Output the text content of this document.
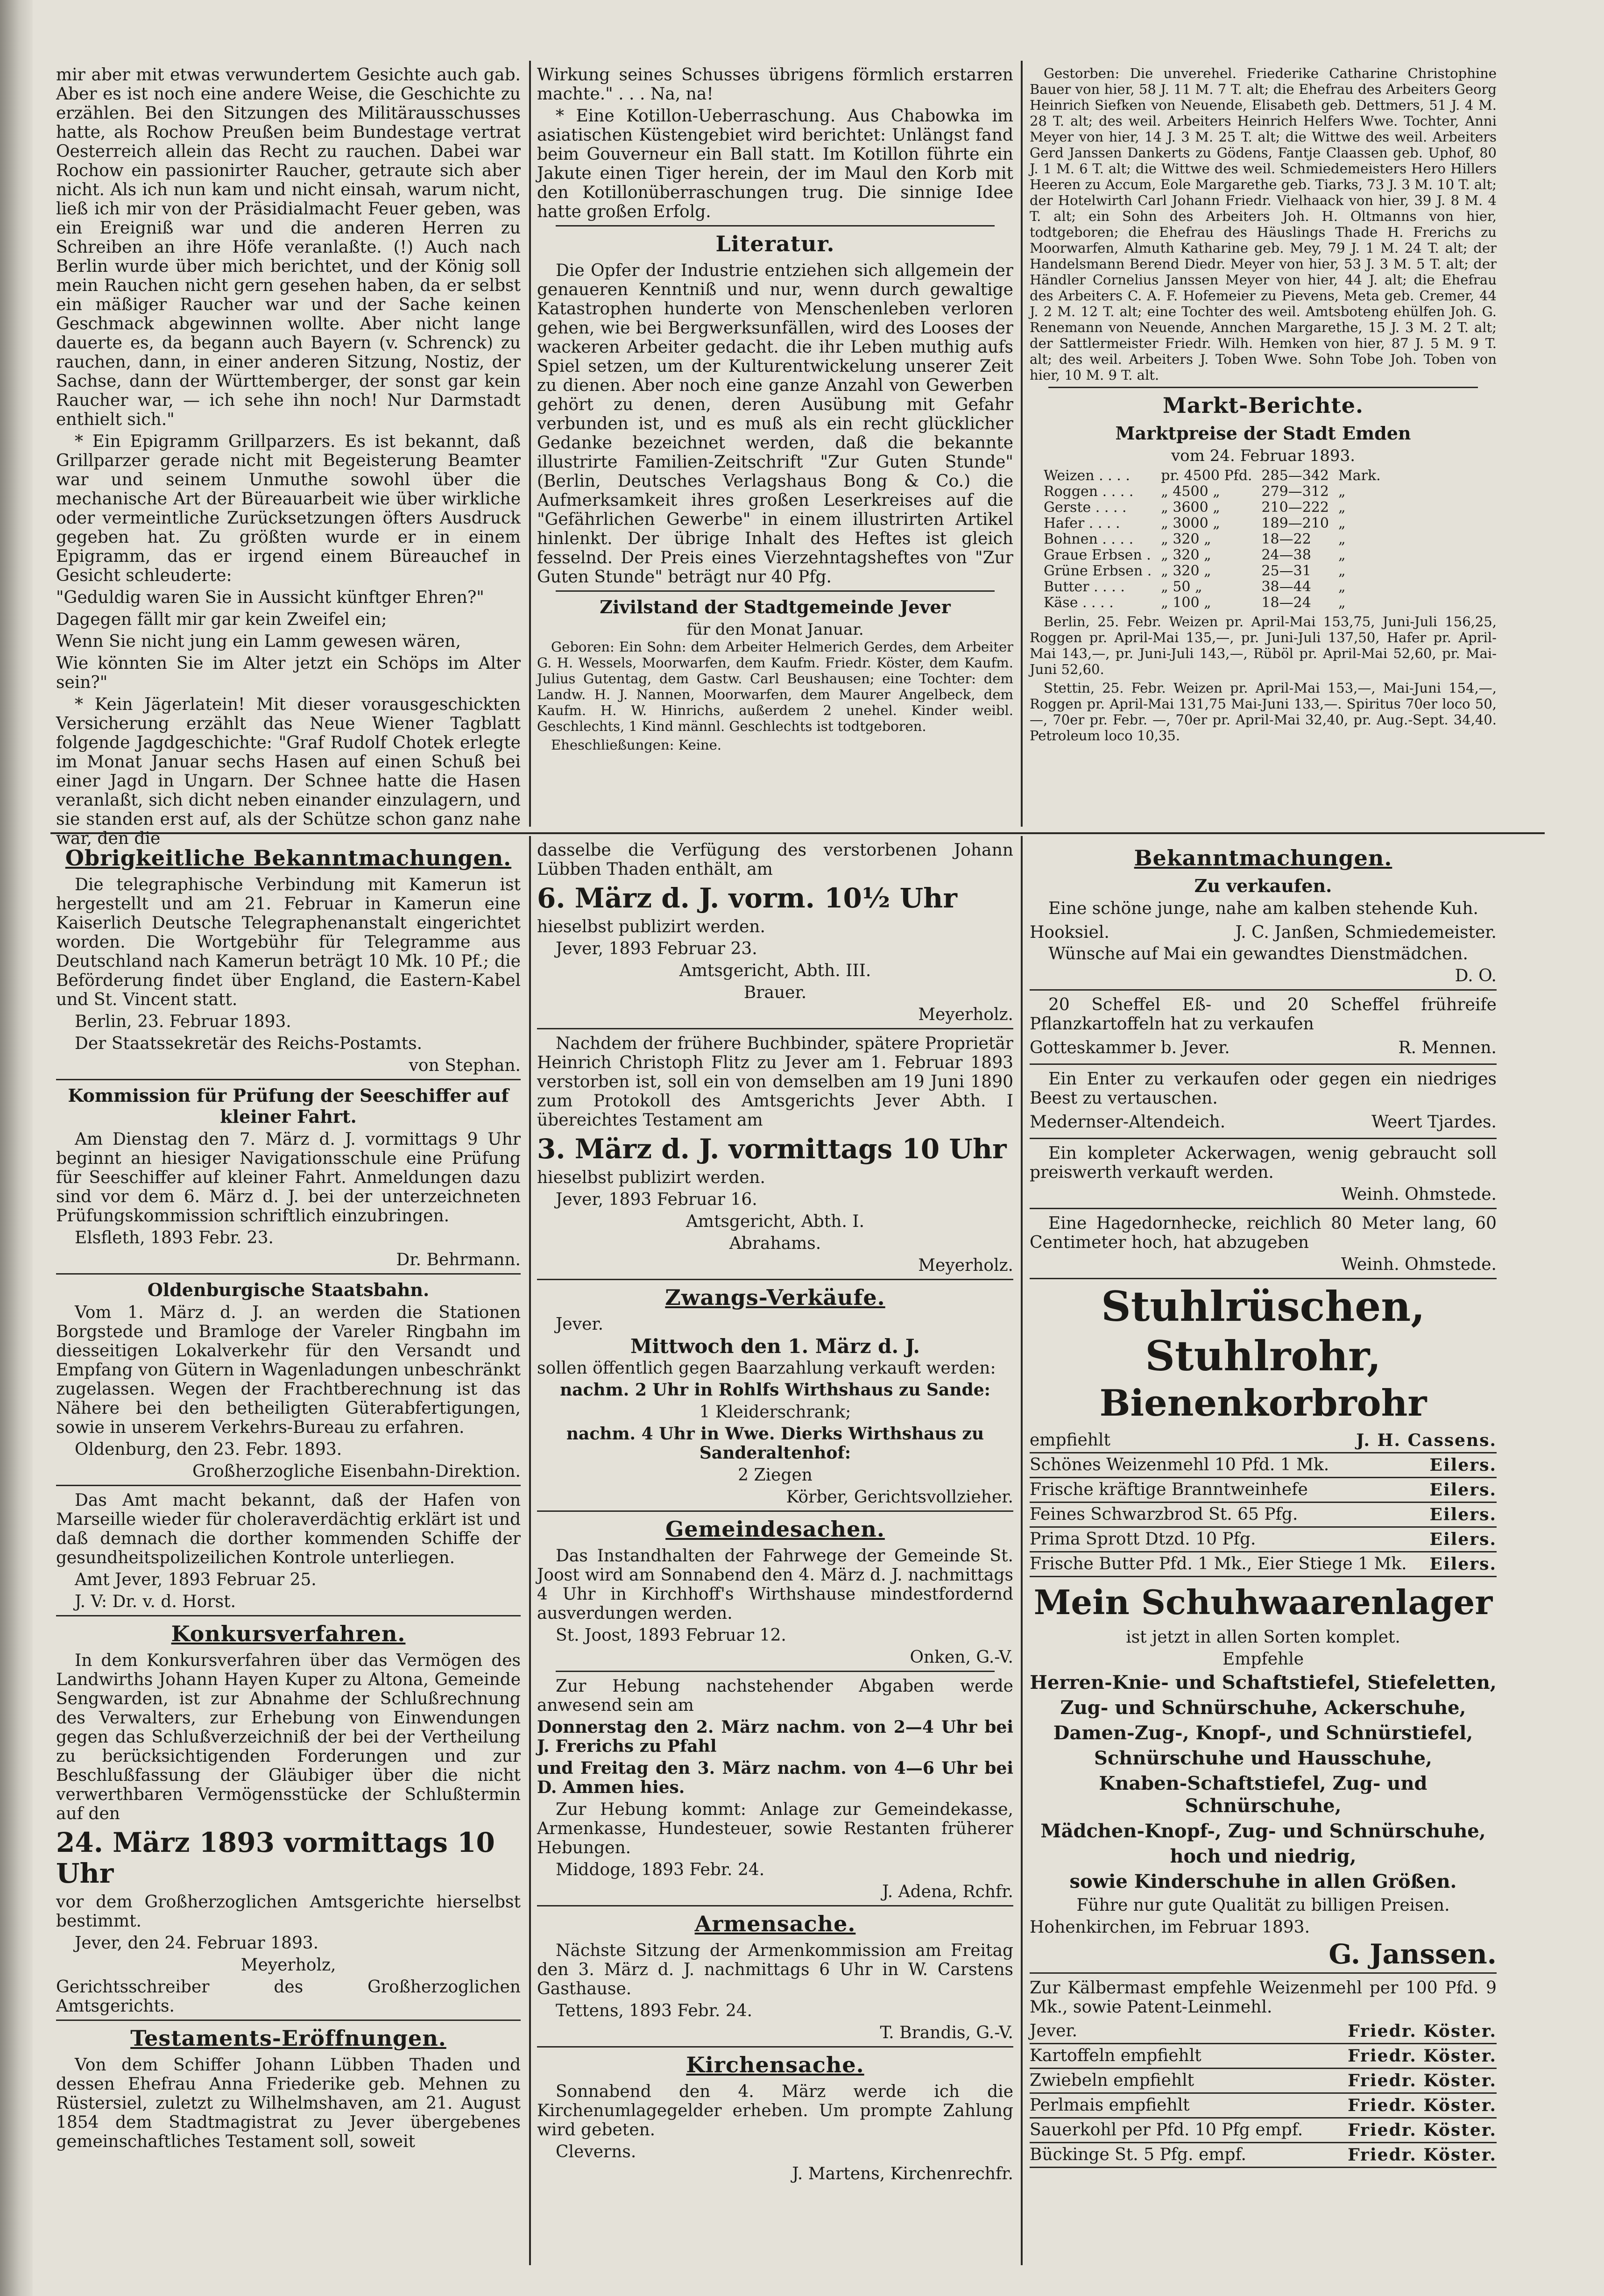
mir aber mit etwas verwundertem Gesichte auch gab. Aber es ist noch eine andere Weise, die Geschichte zu erzählen. Bei den Sitzungen des Militärausschusses hatte, als Rochow Preußen beim Bundestage vertrat Oesterreich allein das Recht zu rauchen. Dabei war Rochow ein passionirter Raucher, getraute sich aber nicht. Als ich nun kam und nicht einsah, warum nicht, ließ ich mir von der Präsidialmacht Feuer geben, was ein Ereigniß war und die anderen Herren zu Schreiben an ihre Höfe veranlaßte. (!) Auch nach Berlin wurde über mich berichtet, und der König soll mein Rauchen nicht gern gesehen haben, da er selbst ein mäßiger Raucher war und der Sache keinen Geschmack abgewinnen wollte. Aber nicht lange dauerte es, da begann auch Bayern (v. Schrenck) zu rauchen, dann, in einer anderen Sitzung, Nostiz, der Sachse, dann der Württemberger, der sonst gar kein Raucher war, — ich sehe ihn noch! Nur Darmstadt enthielt sich."

* Ein Epigramm Grillparzers. Es ist bekannt, daß Grillparzer gerade nicht mit Begeisterung Beamter war und seinem Unmuthe sowohl über die mechanische Art der Büreauarbeit wie über wirkliche oder vermeintliche Zurücksetzungen öfters Ausdruck gegeben hat. Zu größten wurde er in einem Epigramm, das er irgend einem Büreauchef in Gesicht schleuderte:

"Geduldig waren Sie in Aussicht künftger Ehren?"

Dagegen fällt mir gar kein Zweifel ein;

Wenn Sie nicht jung ein Lamm gewesen wären,

Wie könnten Sie im Alter jetzt ein Schöps im Alter sein?"

* Kein Jägerlatein! Mit dieser vorausgeschickten Versicherung erzählt das Neue Wiener Tagblatt folgende Jagdgeschichte: "Graf Rudolf Chotek erlegte im Monat Januar sechs Hasen auf einen Schuß bei einer Jagd in Ungarn. Der Schnee hatte die Hasen veranlaßt, sich dicht neben einander einzulagern, und sie standen erst auf, als der Schütze schon ganz nahe war, den die

Wirkung seines Schusses übrigens förmlich erstarren machte." . . . Na, na!

* Eine Kotillon-Ueberraschung. Aus Chabowka im asiatischen Küstengebiet wird berichtet: Unlängst fand beim Gouverneur ein Ball statt. Im Kotillon führte ein Jakute einen Tiger herein, der im Maul den Korb mit den Kotillonüberraschungen trug. Die sinnige Idee hatte großen Erfolg.

Literatur.

Die Opfer der Industrie entziehen sich allgemein der genaueren Kenntniß und nur, wenn durch gewaltige Katastrophen hunderte von Menschenleben verloren gehen, wie bei Bergwerksunfällen, wird des Looses der wackeren Arbeiter gedacht. die ihr Leben muthig aufs Spiel setzen, um der Kulturentwickelung unserer Zeit zu dienen. Aber noch eine ganze Anzahl von Gewerben gehört zu denen, deren Ausübung mit Gefahr verbunden ist, und es muß als ein recht glücklicher Gedanke bezeichnet werden, daß die bekannte illustrirte Familien-Zeitschrift "Zur Guten Stunde" (Berlin, Deutsches Verlagshaus Bong & Co.) die Aufmerksamkeit ihres großen Leserkreises auf die "Gefährlichen Gewerbe" in einem illustrirten Artikel hinlenkt. Der übrige Inhalt des Heftes ist gleich fesselnd. Der Preis eines Vierzehntagsheftes von "Zur Guten Stunde" beträgt nur 40 Pfg.

Zivilstand der Stadtgemeinde Jever
für den Monat Januar.

Geboren: Ein Sohn: dem Arbeiter Helmerich Gerdes, dem Arbeiter G. H. Wessels, Moorwarfen, dem Kaufm. Friedr. Köster, dem Kaufm. Julius Gutentag, dem Gastw. Carl Beushausen; eine Tochter: dem Landw. H. J. Nannen, Moorwarfen, dem Maurer Angelbeck, dem Kaufm. H. W. Hinrichs, außerdem 2 unehel. Kinder weibl. Geschlechts, 1 Kind männl. Geschlechts ist todtgeboren.

Eheschließungen: Keine.

Gestorben: Die unverehel. Friederike Catharine Christophine Bauer von hier, 58 J. 11 M. 7 T. alt; die Ehefrau des Arbeiters Georg Heinrich Siefken von Neuende, Elisabeth geb. Dettmers, 51 J. 4 M. 28 T. alt; des weil. Arbeiters Heinrich Helfers Wwe. Tochter, Anni Meyer von hier, 14 J. 3 M. 25 T. alt; die Wittwe des weil. Arbeiters Gerd Janssen Dankerts zu Gödens, Fantje Claassen geb. Uphof, 80 J. 1 M. 6 T. alt; die Wittwe des weil. Schmiedemeisters Hero Hillers Heeren zu Accum, Eole Margarethe geb. Tiarks, 73 J. 3 M. 10 T. alt; der Hotelwirth Carl Johann Friedr. Vielhaack von hier, 39 J. 8 M. 4 T. alt; ein Sohn des Arbeiters Joh. H. Oltmanns von hier, todtgeboren; die Ehefrau des Häuslings Thade H. Frerichs zu Moorwarfen, Almuth Katharine geb. Mey, 79 J. 1 M. 24 T. alt; der Handelsmann Berend Diedr. Meyer von hier, 53 J. 3 M. 5 T. alt; der Händler Cornelius Janssen Meyer von hier, 44 J. alt; die Ehefrau des Arbeiters C. A. F. Hofemeier zu Pievens, Meta geb. Cremer, 44 J. 2 M. 12 T. alt; eine Tochter des weil. Amtsboteng ehülfen Joh. G. Renemann von Neuende, Annchen Margarethe, 15 J. 3 M. 2 T. alt; der Sattlermeister Friedr. Wilh. Hemken von hier, 87 J. 5 M. 9 T. alt; des weil. Arbeiters J. Toben Wwe. Sohn Tobe Joh. Toben von hier, 10 M. 9 T. alt.

Markt-Berichte.
Marktpreise der Stadt Emden
vom 24. Februar 1893.
Weizen . . . .	pr. 4500 Pfd.	285—342	Mark.
Roggen . . . .	„ 4500 „	279—312	„
Gerste . . . .	„ 3600 „	210—222	„
Hafer . . . .	„ 3000 „	189—210	„
Bohnen . . . .	„ 320 „	18—22	„
Graue Erbsen .	„ 320 „	24—38	„
Grüne Erbsen .	„ 320 „	25—31	„
Butter . . . .	„ 50 „	38—44	„
Käse . . . .	„ 100 „	18—24	„

Berlin, 25. Febr. Weizen pr. April-Mai 153,75, Juni-Juli 156,25, Roggen pr. April-Mai 135,—, pr. Juni-Juli 137,50, Hafer pr. April-Mai 143,—, pr. Juni-Juli 143,—, Rüböl pr. April-Mai 52,60, pr. Mai-Juni 52,60.

Stettin, 25. Febr. Weizen pr. April-Mai 153,—, Mai-Juni 154,—, Roggen pr. April-Mai 131,75 Mai-Juni 133,—. Spiritus 70er loco 50,—, 70er pr. Febr. —, 70er pr. April-Mai 32,40, pr. Aug.-Sept. 34,40. Petroleum loco 10,35.

Obrigkeitliche Bekanntmachungen.

Die telegraphische Verbindung mit Kamerun ist hergestellt und am 21. Februar in Kamerun eine Kaiserlich Deutsche Telegraphenanstalt eingerichtet worden. Die Wortgebühr für Telegramme aus Deutschland nach Kamerun beträgt 10 Mk. 10 Pf.; die Beförderung findet über England, die Eastern-Kabel und St. Vincent statt.

Berlin, 23. Februar 1893.

Der Staatssekretär des Reichs-Postamts.

von Stephan.

Kommission für Prüfung der Seeschiffer auf kleiner Fahrt.

Am Dienstag den 7. März d. J. vormittags 9 Uhr beginnt an hiesiger Navigationsschule eine Prüfung für Seeschiffer auf kleiner Fahrt. Anmeldungen dazu sind vor dem 6. März d. J. bei der unterzeichneten Prüfungskommission schriftlich einzubringen.

Elsfleth, 1893 Febr. 23.

Dr. Behrmann.

Oldenburgische Staatsbahn.

Vom 1. März d. J. an werden die Stationen Borgstede und Bramloge der Vareler Ringbahn im diesseitigen Lokalverkehr für den Versandt und Empfang von Gütern in Wagenladungen unbeschränkt zugelassen. Wegen der Frachtberechnung ist das Nähere bei den betheiligten Güterabfertigungen, sowie in unserem Verkehrs-Bureau zu erfahren.

Oldenburg, den 23. Febr. 1893.

Großherzogliche Eisenbahn-Direktion.

Das Amt macht bekannt, daß der Hafen von Marseille wieder für choleraverdächtig erklärt ist und daß demnach die dorther kommenden Schiffe der gesundheitspolizeilichen Kontrole unterliegen.

Amt Jever, 1893 Februar 25.

J. V: Dr. v. d. Horst.

Konkursverfahren.

In dem Konkursverfahren über das Vermögen des Landwirths Johann Hayen Kuper zu Altona, Gemeinde Sengwarden, ist zur Abnahme der Schlußrechnung des Verwalters, zur Erhebung von Einwendungen gegen das Schlußverzeichniß der bei der Vertheilung zu berücksichtigenden Forderungen und zur Beschlußfassung der Gläubiger über die nicht verwerthbaren Vermögensstücke der Schlußtermin auf den

24. März 1893 vormittags 10 Uhr

vor dem Großherzoglichen Amtsgerichte hierselbst bestimmt.

Jever, den 24. Februar 1893.

Meyerholz,

Gerichtsschreiber des Großherzoglichen Amtsgerichts.

Testaments-Eröffnungen.

Von dem Schiffer Johann Lübben Thaden und dessen Ehefrau Anna Friederike geb. Mehnen zu Rüstersiel, zuletzt zu Wilhelmshaven, am 21. August 1854 dem Stadtmagistrat zu Jever übergebenes gemeinschaftliches Testament soll, soweit

dasselbe die Verfügung des verstorbenen Johann Lübben Thaden enthält, am

6. März d. J. vorm. 10½ Uhr

hieselbst publizirt werden.

Jever, 1893 Februar 23.

Amtsgericht, Abth. III.

Brauer.

Meyerholz.

Nachdem der frühere Buchbinder, spätere Proprietär Heinrich Christoph Flitz zu Jever am 1. Februar 1893 verstorben ist, soll ein von demselben am 19 Juni 1890 zum Protokoll des Amtsgerichts Jever Abth. I übereichtes Testament am

3. März d. J. vormittags 10 Uhr

hieselbst publizirt werden.

Jever, 1893 Februar 16.

Amtsgericht, Abth. I.

Abrahams.

Meyerholz.

Zwangs-Verkäufe.

Jever.

Mittwoch den 1. März d. J.

sollen öffentlich gegen Baarzahlung verkauft werden:

nachm. 2 Uhr in Rohlfs Wirthshaus zu Sande:

1 Kleiderschrank;

nachm. 4 Uhr in Wwe. Dierks Wirthshaus zu Sanderaltenhof:

2 Ziegen

Körber, Gerichtsvollzieher.

Gemeindesachen.

Das Instandhalten der Fahrwege der Gemeinde St. Joost wird am Sonnabend den 4. März d. J. nachmittags 4 Uhr in Kirchhoff's Wirthshause mindestfordernd ausverdungen werden.

St. Joost, 1893 Februar 12.

Onken, G.-V.

Zur Hebung nachstehender Abgaben werde anwesend sein am

Donnerstag den 2. März nachm. von 2—4 Uhr bei J. Frerichs zu Pfahl

und Freitag den 3. März nachm. von 4—6 Uhr bei D. Ammen hies.

Zur Hebung kommt: Anlage zur Gemeindekasse, Armenkasse, Hundesteuer, sowie Restanten früherer Hebungen.

Middoge, 1893 Febr. 24.

J. Adena, Rchfr.

Armensache.

Nächste Sitzung der Armenkommission am Freitag den 3. März d. J. nachmittags 6 Uhr in W. Carstens Gasthause.

Tettens, 1893 Febr. 24.

T. Brandis, G.-V.

Kirchensache.

Sonnabend den 4. März werde ich die Kirchenumlagegelder erheben. Um prompte Zahlung wird gebeten.

Cleverns.

J. Martens, Kirchenrechfr.

Bekanntmachungen.
Zu verkaufen.

Eine schöne junge, nahe am kalben stehende Kuh.

Hooksiel.	J. C. Janßen, Schmiedemeister.

Wünsche auf Mai ein gewandtes Dienstmädchen.

D. O.

20 Scheffel Eß- und 20 Scheffel frühreife Pflanzkartoffeln hat zu verkaufen

Gotteskammer b. Jever.	R. Mennen.

Ein Enter zu verkaufen oder gegen ein niedriges Beest zu vertauschen.

Medernser-Altendeich.	Weert Tjardes.

Ein kompleter Ackerwagen, wenig gebraucht soll preiswerth verkauft werden.

Weinh. Ohmstede.

Eine Hagedornhecke, reichlich 80 Meter lang, 60 Centimeter hoch, hat abzugeben

Weinh. Ohmstede.

Stuhlrüschen,
Stuhlrohr,
Bienenkorbrohr
empfiehlt	J. H. Cassens.
Schönes Weizenmehl 10 Pfd. 1 Mk.	Eilers.
Frische kräftige Branntweinhefe	Eilers.
Feines Schwarzbrod St. 65 Pfg.	Eilers.
Prima Sprott Dtzd. 10 Pfg.	Eilers.
Frische Butter Pfd. 1 Mk., Eier Stiege 1 Mk. Eilers.
Mein Schuhwaarenlager

ist jetzt in allen Sorten komplet.

Empfehle

Herren-Knie- und Schaftstiefel, Stiefeletten,

Zug- und Schnürschuhe, Ackerschuhe,

Damen-Zug-, Knopf-, und Schnürstiefel,

Schnürschuhe und Hausschuhe,

Knaben-Schaftstiefel, Zug- und Schnürschuhe,

Mädchen-Knopf-, Zug- und Schnürschuhe,

hoch und niedrig,

sowie Kinderschuhe in allen Größen.

Führe nur gute Qualität zu billigen Preisen.

Hohenkirchen, im Februar 1893.

G. Janssen.

Zur Kälbermast empfehle Weizenmehl per 100 Pfd. 9 Mk., sowie Patent-Leinmehl.

Jever.	Friedr. Köster.
Kartoffeln empfiehlt	Friedr. Köster.
Zwiebeln empfiehlt	Friedr. Köster.
Perlmais empfiehlt	Friedr. Köster.
Sauerkohl per Pfd. 10 Pfg empf.	Friedr. Köster.
Bückinge St. 5 Pfg. empf.	Friedr. Köster.
